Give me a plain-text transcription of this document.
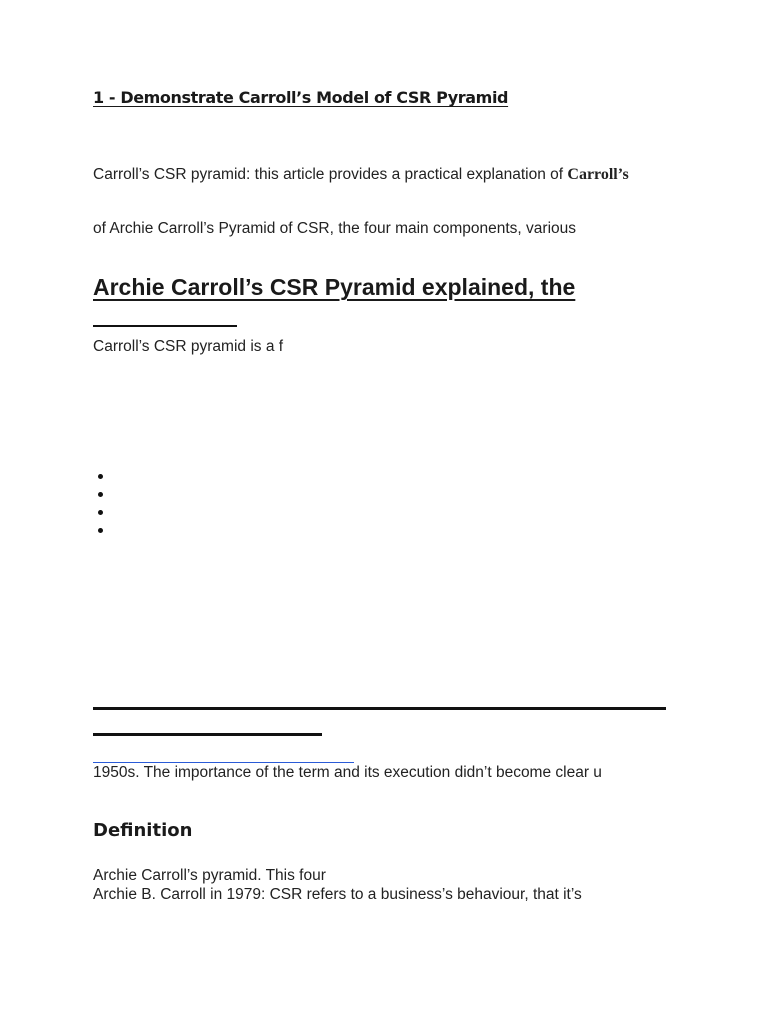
1 - Demonstrate Carroll’s Model of CSR Pyramid
Carroll’s CSR pyramid: this article provides a practical explanation of Carroll’s
of Archie Carroll’s Pyramid of CSR, the four main components, various
Archie Carroll’s CSR Pyramid explained, the
Carroll’s CSR pyramid is a f
1950s. The importance of the term and its execution didn’t become clear u
Definition
Archie Carroll’s pyramid. This four
Archie B. Carroll in 1979: CSR refers to a business’s behaviour, that it’s
